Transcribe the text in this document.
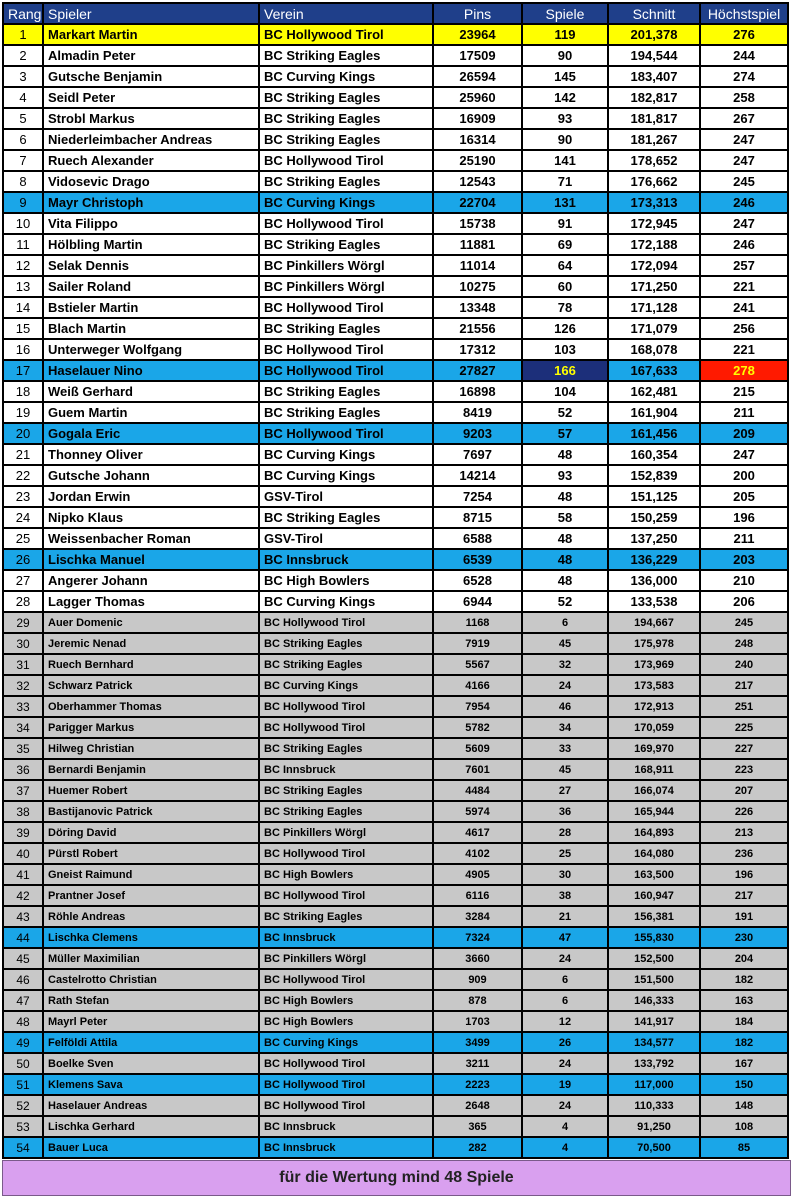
Rang	Spieler	Verein	Pins	Spiele	Schnitt	Höchstspiel
1	Markart Martin	BC Hollywood Tirol	23964	119	201,378	276
2	Almadin Peter	BC Striking Eagles	17509	90	194,544	244
3	Gutsche Benjamin	BC Curving Kings	26594	145	183,407	274
4	Seidl Peter	BC Striking Eagles	25960	142	182,817	258
5	Strobl Markus	BC Striking Eagles	16909	93	181,817	267
6	Niederleimbacher Andreas	BC Striking Eagles	16314	90	181,267	247
7	Ruech Alexander	BC Hollywood Tirol	25190	141	178,652	247
8	Vidosevic Drago	BC Striking Eagles	12543	71	176,662	245
9	Mayr Christoph	BC Curving Kings	22704	131	173,313	246
10	Vita Filippo	BC Hollywood Tirol	15738	91	172,945	247
11	Hölbling Martin	BC Striking Eagles	11881	69	172,188	246
12	Selak Dennis	BC Pinkillers Wörgl	11014	64	172,094	257
13	Sailer Roland	BC Pinkillers Wörgl	10275	60	171,250	221
14	Bstieler Martin	BC Hollywood Tirol	13348	78	171,128	241
15	Blach Martin	BC Striking Eagles	21556	126	171,079	256
16	Unterweger Wolfgang	BC Hollywood Tirol	17312	103	168,078	221
17	Haselauer Nino	BC Hollywood Tirol	27827	166	167,633	278
18	Weiß Gerhard	BC Striking Eagles	16898	104	162,481	215
19	Guem Martin	BC Striking Eagles	8419	52	161,904	211
20	Gogala Eric	BC Hollywood Tirol	9203	57	161,456	209
21	Thonney Oliver	BC Curving Kings	7697	48	160,354	247
22	Gutsche Johann	BC Curving Kings	14214	93	152,839	200
23	Jordan Erwin	GSV-Tirol	7254	48	151,125	205
24	Nipko Klaus	BC Striking Eagles	8715	58	150,259	196
25	Weissenbacher Roman	GSV-Tirol	6588	48	137,250	211
26	Lischka Manuel	BC Innsbruck	6539	48	136,229	203
27	Angerer Johann	BC High Bowlers	6528	48	136,000	210
28	Lagger Thomas	BC Curving Kings	6944	52	133,538	206
29	Auer Domenic	BC Hollywood Tirol	1168	6	194,667	245
30	Jeremic Nenad	BC Striking Eagles	7919	45	175,978	248
31	Ruech Bernhard	BC Striking Eagles	5567	32	173,969	240
32	Schwarz Patrick	BC Curving Kings	4166	24	173,583	217
33	Oberhammer Thomas	BC Hollywood Tirol	7954	46	172,913	251
34	Parigger Markus	BC Hollywood Tirol	5782	34	170,059	225
35	Hilweg Christian	BC Striking Eagles	5609	33	169,970	227
36	Bernardi Benjamin	BC Innsbruck	7601	45	168,911	223
37	Huemer Robert	BC Striking Eagles	4484	27	166,074	207
38	Bastijanovic Patrick	BC Striking Eagles	5974	36	165,944	226
39	Döring David	BC Pinkillers Wörgl	4617	28	164,893	213
40	Pürstl Robert	BC Hollywood Tirol	4102	25	164,080	236
41	Gneist Raimund	BC High Bowlers	4905	30	163,500	196
42	Prantner Josef	BC Hollywood Tirol	6116	38	160,947	217
43	Röhle Andreas	BC Striking Eagles	3284	21	156,381	191
44	Lischka Clemens	BC Innsbruck	7324	47	155,830	230
45	Müller Maximilian	BC Pinkillers Wörgl	3660	24	152,500	204
46	Castelrotto Christian	BC Hollywood Tirol	909	6	151,500	182
47	Rath Stefan	BC High Bowlers	878	6	146,333	163
48	Mayrl Peter	BC High Bowlers	1703	12	141,917	184
49	Felföldi Attila	BC Curving Kings	3499	26	134,577	182
50	Boelke Sven	BC Hollywood Tirol	3211	24	133,792	167
51	Klemens Sava	BC Hollywood Tirol	2223	19	117,000	150
52	Haselauer Andreas	BC Hollywood Tirol	2648	24	110,333	148
53	Lischka Gerhard	BC Innsbruck	365	4	91,250	108
54	Bauer Luca	BC Innsbruck	282	4	70,500	85
für die Wertung mind 48 Spiele
